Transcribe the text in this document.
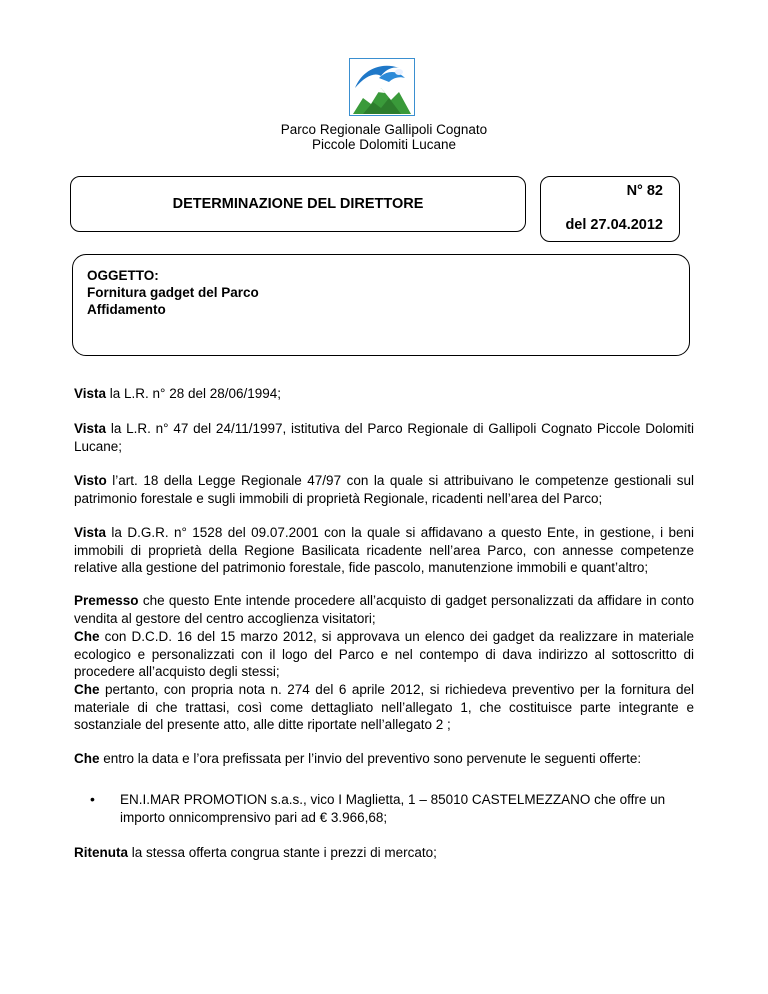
Parco Regionale Gallipoli Cognato
Piccole Dolomiti Lucane
DETERMINAZIONE DEL DIRETTORE
N° 82
del 27.04.2012
OGGETTO:
Fornitura gadget del Parco
Affidamento

Vista la L.R. n° 28 del 28/06/1994;

Vista la L.R. n° 47 del 24/11/1997, istitutiva del Parco Regionale di Gallipoli Cognato Piccole Dolomiti Lucane;

Visto l’art. 18 della Legge Regionale 47/97 con la quale si attribuivano le competenze gestionali sul patrimonio forestale e sugli immobili di proprietà Regionale, ricadenti nell’area del Parco;

Vista la D.G.R. n° 1528 del 09.07.2001 con la quale si affidavano a questo Ente, in gestione, i beni immobili di proprietà della Regione Basilicata ricadente nell’area Parco, con annesse competenze relative alla gestione del patrimonio forestale, fide pascolo, manutenzione immobili e quant’altro;

Premesso che questo Ente intende procedere all’acquisto di gadget personalizzati da affidare in conto vendita al gestore del centro accoglienza visitatori;

Che con D.C.D. 16 del 15 marzo 2012, si approvava un elenco dei gadget da realizzare in materiale ecologico e personalizzati con il logo del Parco e nel contempo di dava indirizzo al sottoscritto di procedere all’acquisto degli stessi;

Che pertanto, con propria nota n. 274 del 6 aprile 2012, si richiedeva preventivo per la fornitura del materiale di che trattasi, così come dettagliato nell’allegato 1, che costituisce parte integrante e sostanziale del presente atto, alle ditte riportate nell’allegato 2 ;

Che entro la data e l’ora prefissata per l’invio del preventivo sono pervenute le seguenti offerte:

• EN.I.MAR PROMOTION s.a.s., vico I Maglietta, 1 – 85010 CASTELMEZZANO che offre un importo onnicomprensivo pari ad € 3.966,68;

Ritenuta la stessa offerta congrua stante i prezzi di mercato;
